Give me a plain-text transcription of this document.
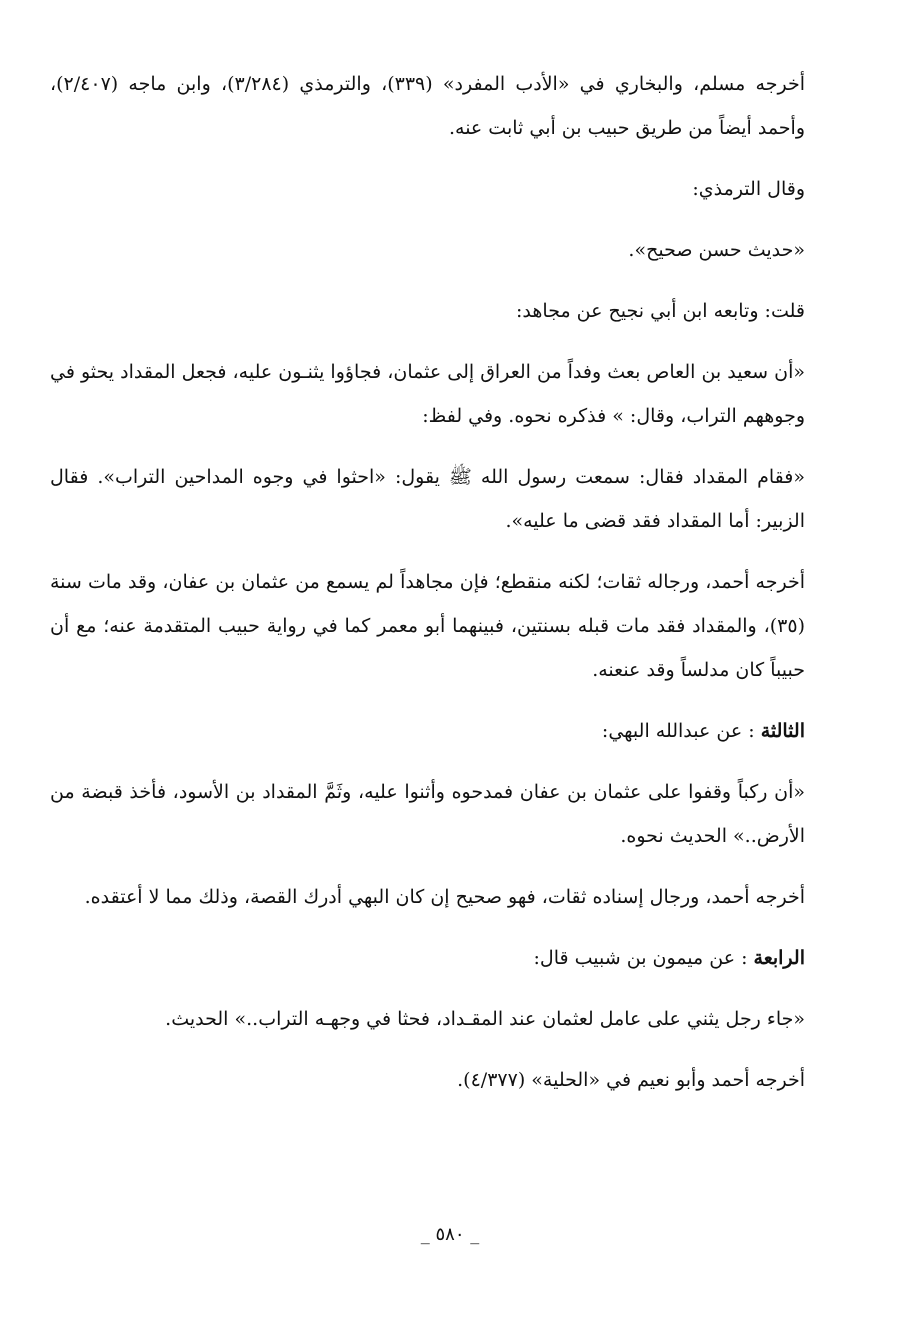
أخرجه مسلم، والبخاري في «الأدب المفرد» (٣٣٩)، والترمذي (٣/٢٨٤)، وابن ماجه (٢/٤٠٧)، وأحمد أيضاً من طريق حبيب بن أبي ثابت عنه.

وقال الترمذي:

«حديث حسن صحيح».

قلت: وتابعه ابن أبي نجيح عن مجاهد:

«أن سعيد بن العاص بعث وفداً من العراق إلى عثمان، فجاؤوا يثنـون عليه، فجعل المقداد يحثو في وجوههم التراب، وقال: » فذكره نحوه. وفي لفظ:

«فقام المقداد فقال: سمعت رسول الله ﷺ يقول: «احثوا في وجوه المداحين التراب». فقال الزبير: أما المقداد فقد قضى ما عليه».

أخرجه أحمد، ورجاله ثقات؛ لكنه منقطع؛ فإن مجاهداً لم يسمع من عثمان بن عفان، وقد مات سنة (٣٥)، والمقداد فقد مات قبله بسنتين، فبينهما أبو معمر كما في رواية حبيب المتقدمة عنه؛ مع أن حبيباً كان مدلساً وقد عنعنه.

الثالثة : عن عبدالله البهي:

«أن ركباً وقفوا على عثمان بن عفان فمدحوه وأثنوا عليه، وثَمَّ المقداد بن الأسود، فأخذ قبضة من الأرض..» الحديث نحوه.

أخرجه أحمد، ورجال إسناده ثقات، فهو صحيح إن كان البهي أدرك القصة، وذلك مما لا أعتقده.

الرابعة : عن ميمون بن شبيب قال:

«جاء رجل يثني على عامل لعثمان عند المقـداد، فحثا في وجهـه التراب..» الحديث.

أخرجه أحمد وأبو نعيم في «الحلية» (٤/٣٧٧).

_ ٥٨٠ _
